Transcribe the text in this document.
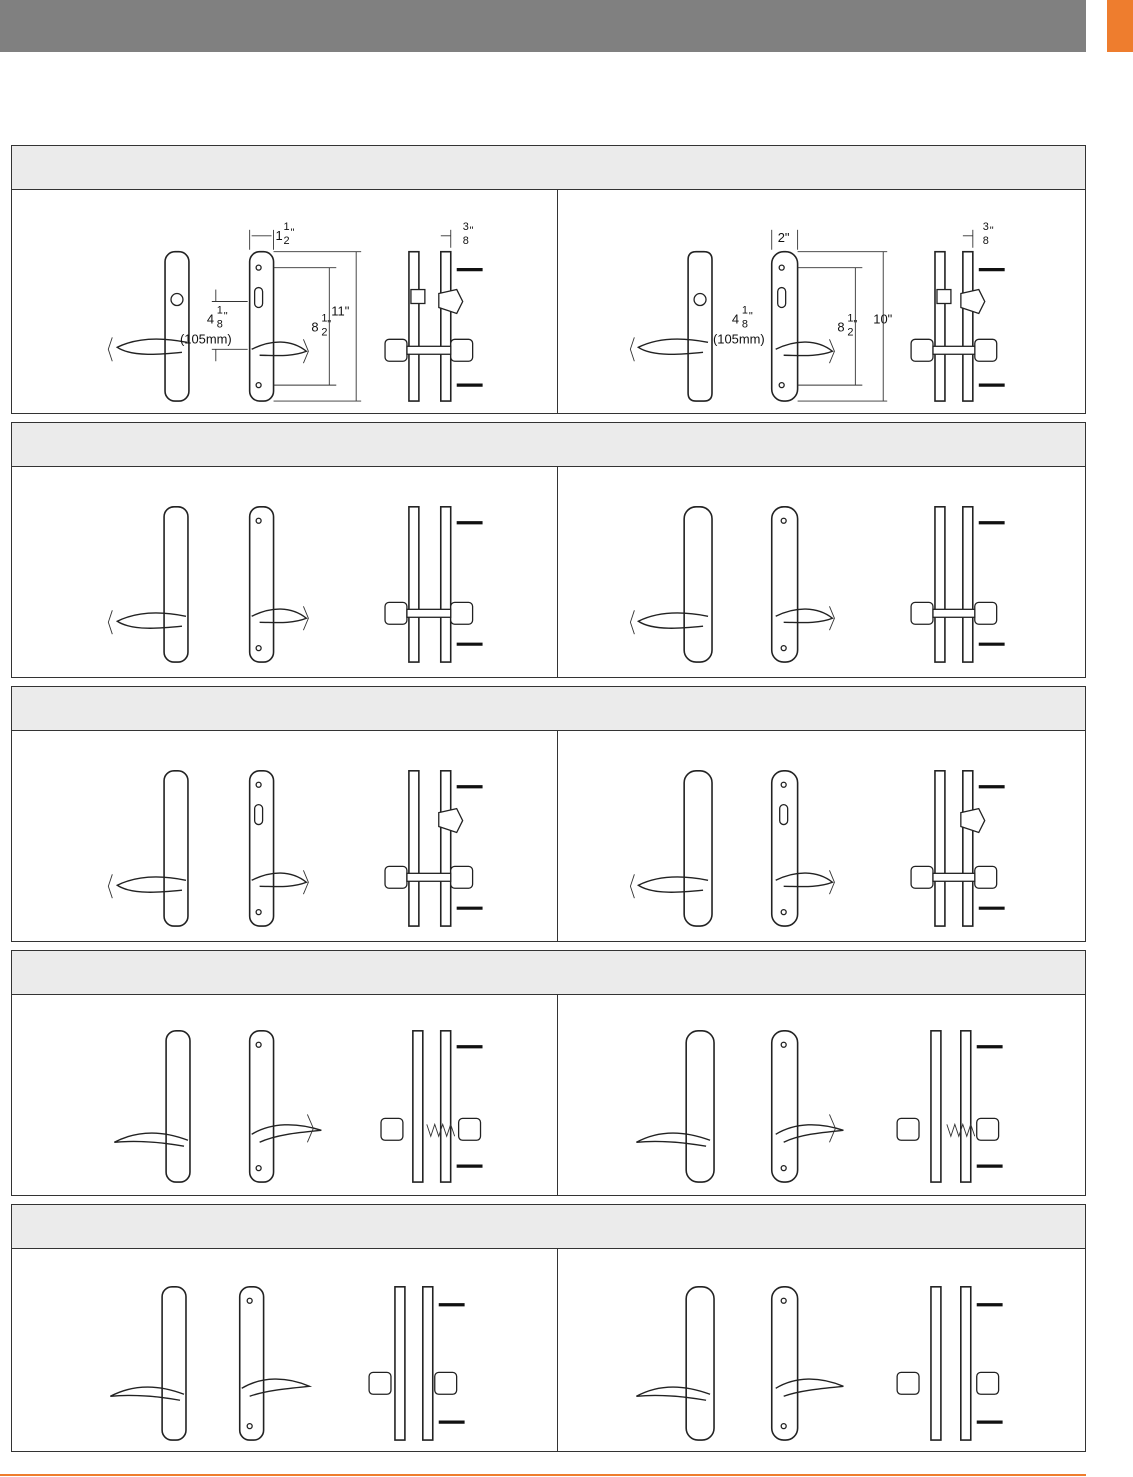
1
1
2
"
11"
8
1
2
"
4
1
8
"
(105mm)
3
8
"	2"
10"
8
1
2
"
4
1
8
"
(105mm)
3
8
"
